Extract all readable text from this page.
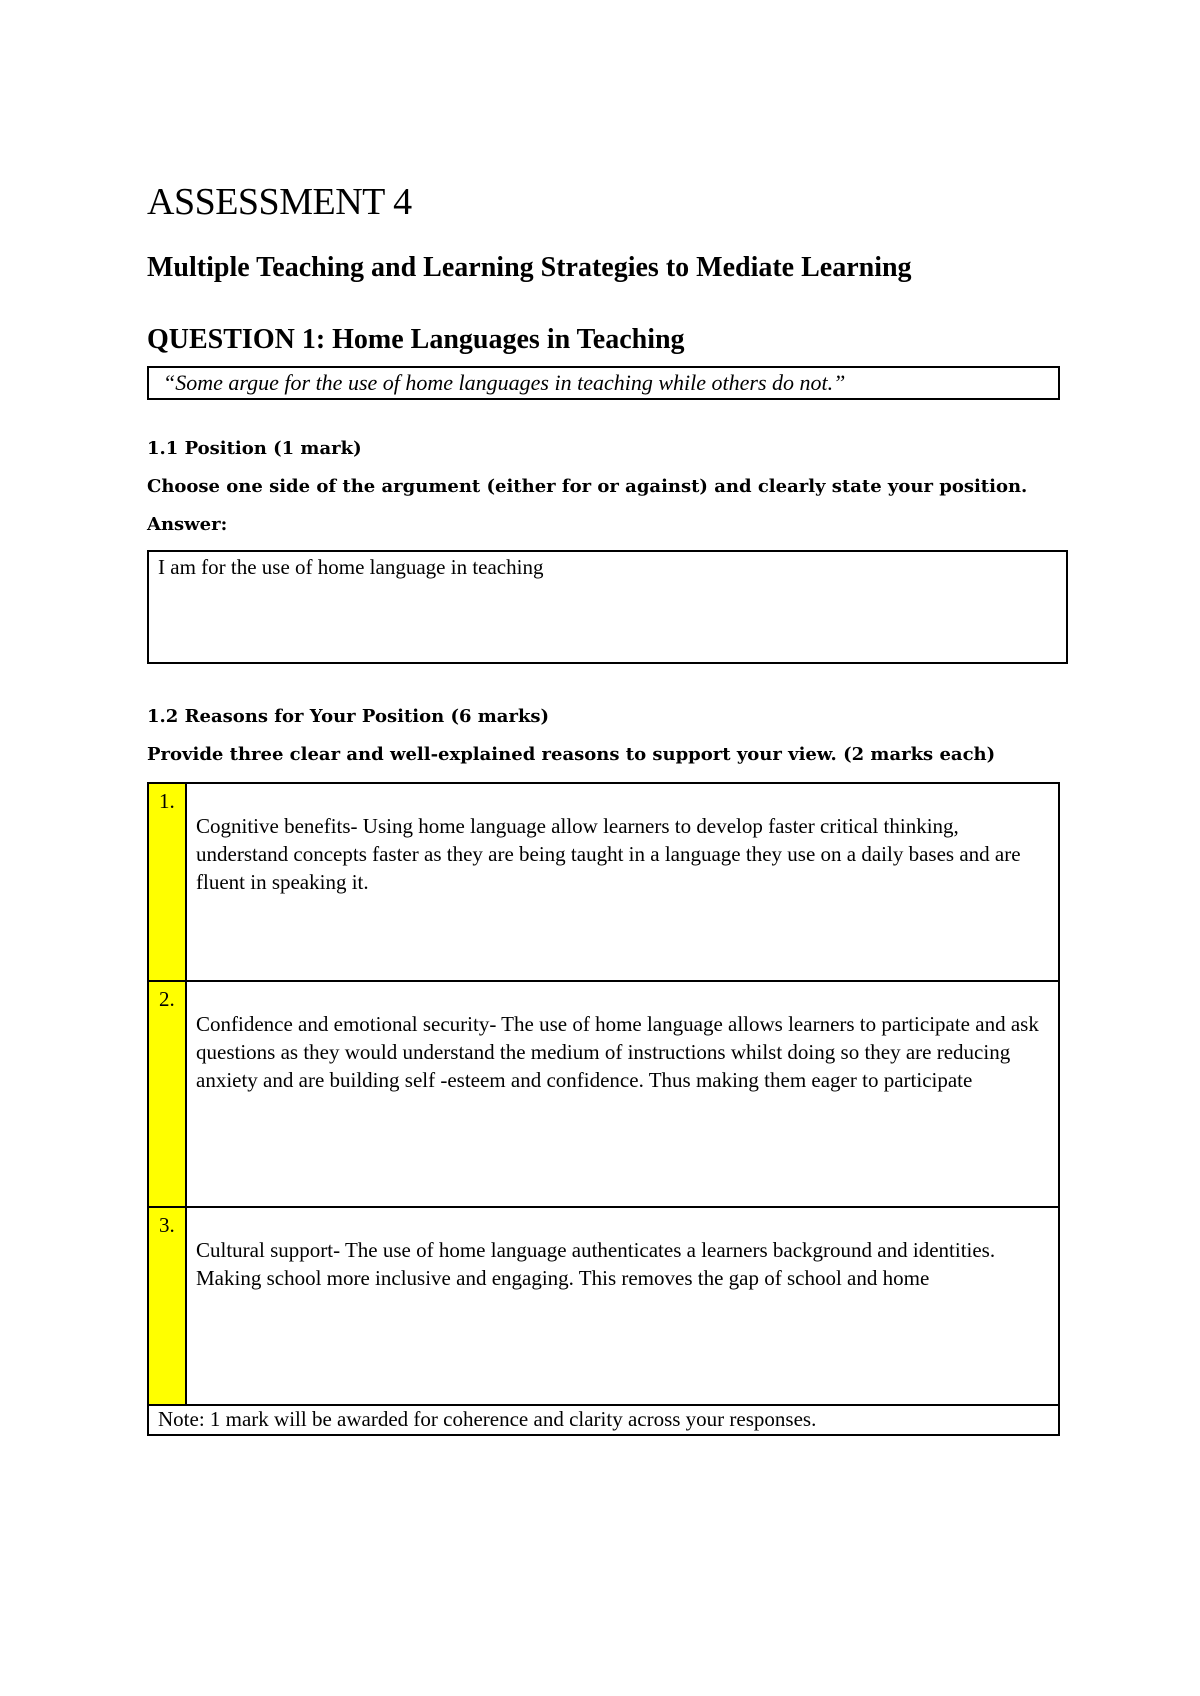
ASSESSMENT 4
Multiple Teaching and Learning Strategies to Mediate Learning
QUESTION 1: Home Languages in Teaching
“Some argue for the use of home languages in teaching while others do not.”

1.1 Position (1 mark)

Choose one side of the argument (either for or against) and clearly state your position.

Answer:

I am for the use of home language in teaching

1.2 Reasons for Your Position (6 marks)

Provide three clear and well-explained reasons to support your view. (2 marks each)

1.
Cognitive benefits- Using home language allow learners to develop faster critical thinking, understand concepts faster as they are being taught in a language they use on a daily bases and are fluent in speaking it.
2.
Confidence and emotional security- The use of home language allows learners to participate and ask questions as they would understand the medium of instructions whilst doing so they are reducing anxiety and are building self -esteem and confidence. Thus making them eager to participate
3.
Cultural support- The use of home language authenticates a learners background and identities. Making school more inclusive and engaging. This removes the gap of school and home
Note: 1 mark will be awarded for coherence and clarity across your responses.
